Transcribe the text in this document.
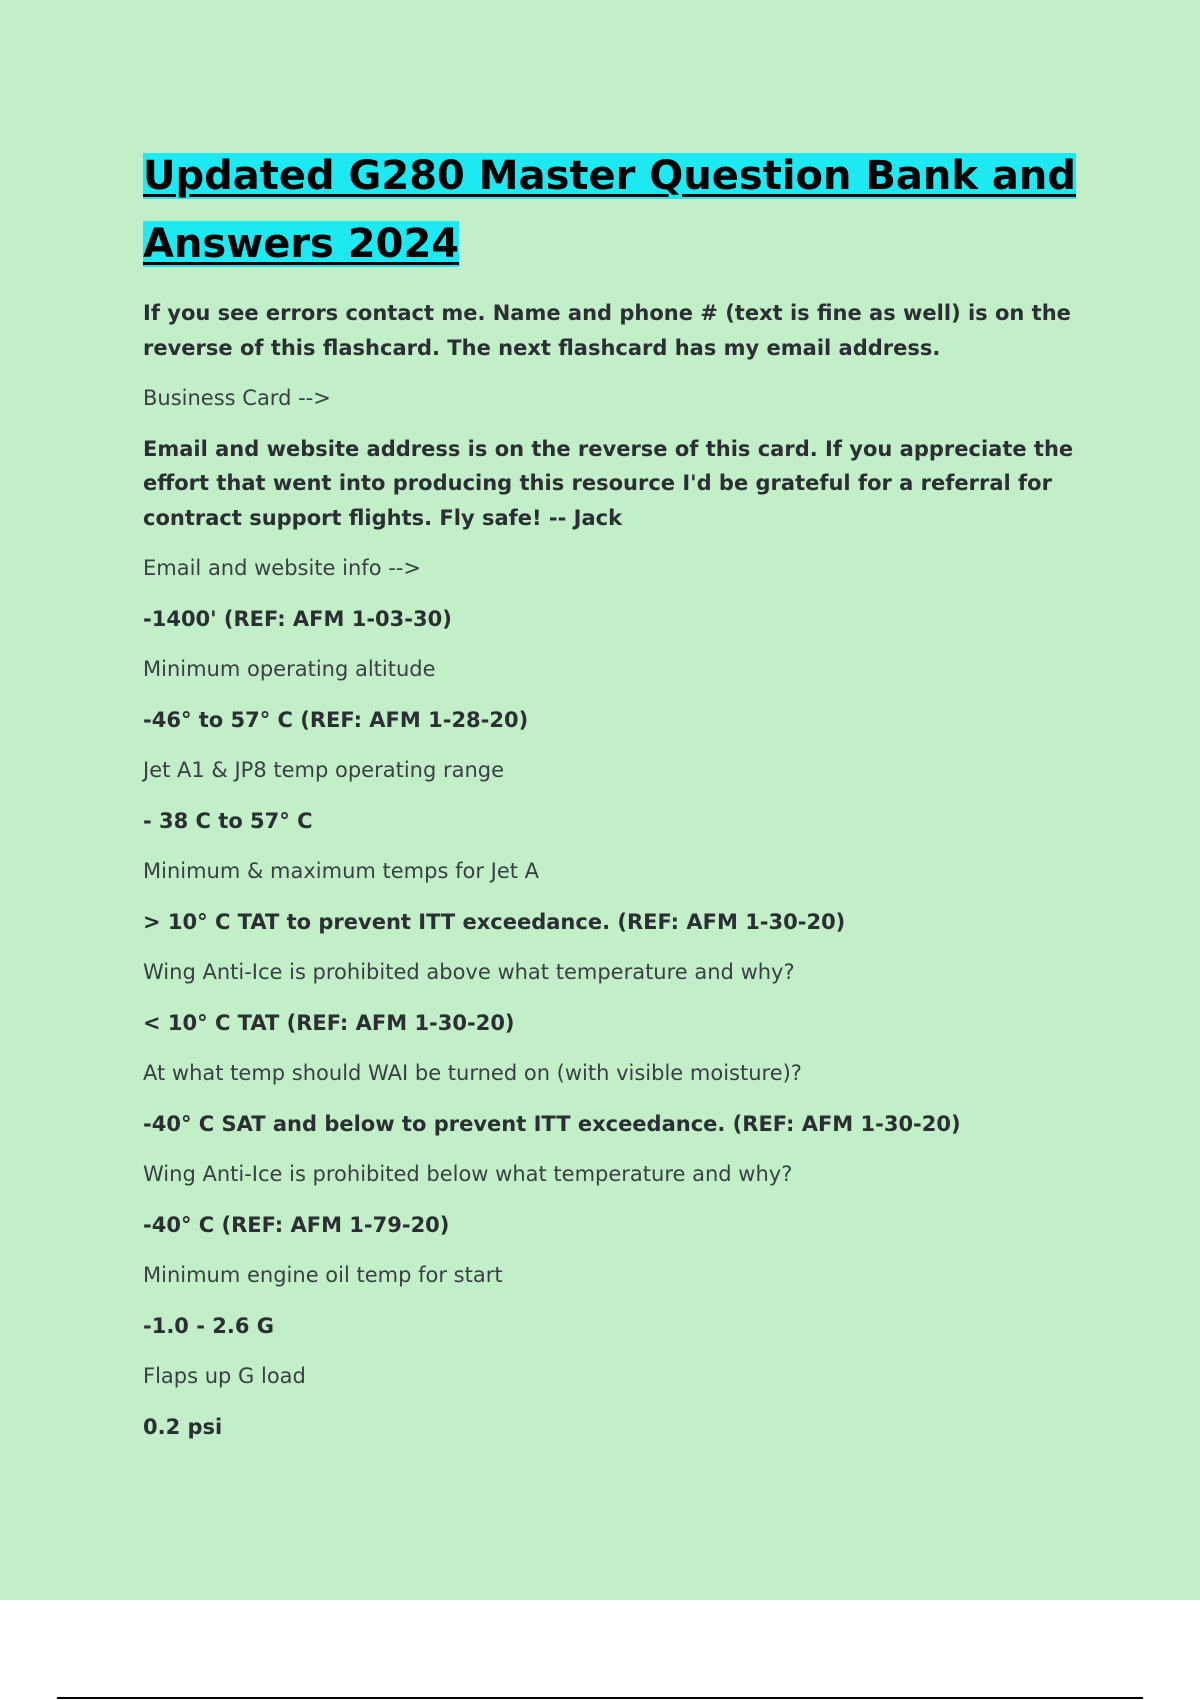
Updated G280 Master Question Bank and Answers 2024

If you see errors contact me. Name and phone # (text is fine as well) is on the reverse of this flashcard. The next flashcard has my email address.

Business Card -->

Email and website address is on the reverse of this card. If you appreciate the effort that went into producing this resource I'd be grateful for a referral for contract support flights. Fly safe! -- Jack

Email and website info -->

-1400' (REF: AFM 1-03-30)

Minimum operating altitude

-46° to 57° C (REF: AFM 1-28-20)

Jet A1 & JP8 temp operating range

- 38 C to 57° C

Minimum & maximum temps for Jet A

> 10° C TAT to prevent ITT exceedance. (REF: AFM 1-30-20)

Wing Anti-Ice is prohibited above what temperature and why?

< 10° C TAT (REF: AFM 1-30-20)

At what temp should WAI be turned on (with visible moisture)?

-40° C SAT and below to prevent ITT exceedance. (REF: AFM 1-30-20)

Wing Anti-Ice is prohibited below what temperature and why?

-40° C (REF: AFM 1-79-20)

Minimum engine oil temp for start

-1.0 - 2.6 G

Flaps up G load

0.2 psi
